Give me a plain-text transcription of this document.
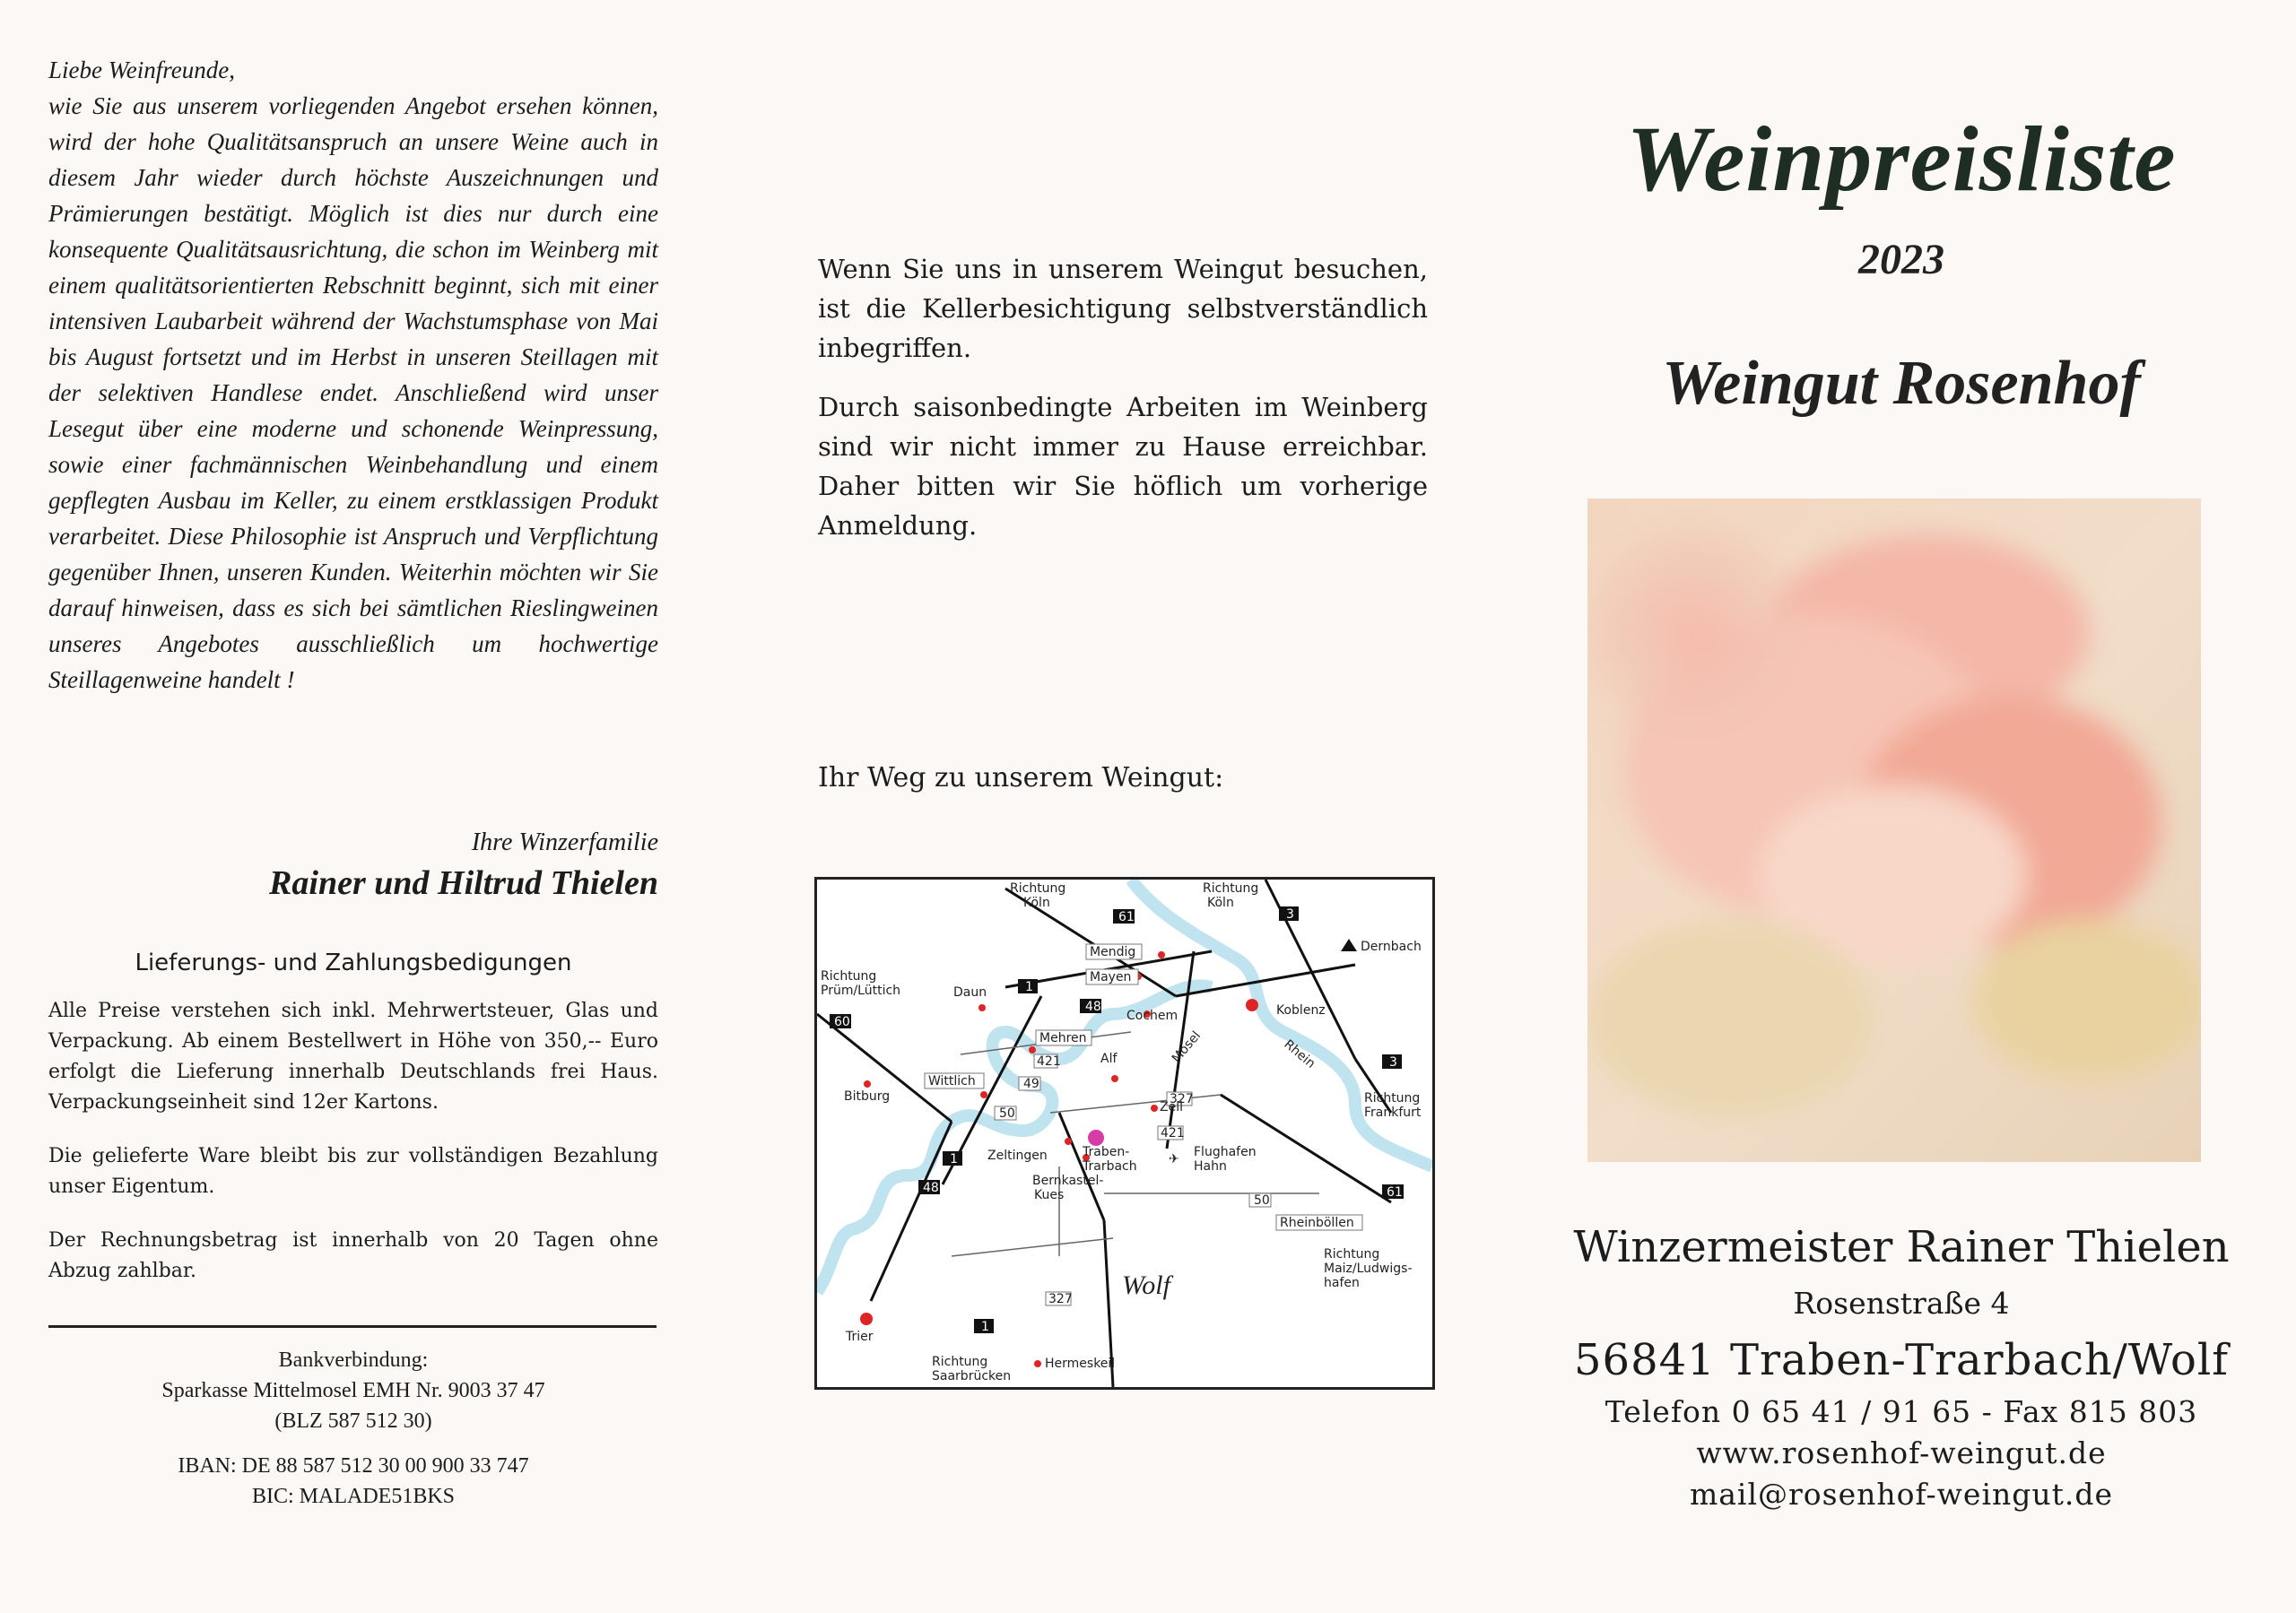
Liebe Weinfreunde,
wie Sie aus unserem vorliegenden Angebot ersehen können, wird der hohe Qualitätsanspruch an unsere Weine auch in diesem Jahr wieder durch höchste Auszeichnungen und Prämierungen bestätigt. Möglich ist dies nur durch eine konsequente Qualitätsausrichtung, die schon im Weinberg mit einem qualitätsorientierten Rebschnitt beginnt, sich mit einer intensiven Laubarbeit während der Wachstumsphase von Mai bis August fortsetzt und im Herbst in unseren Steillagen mit der selektiven Handlese endet. Anschließend wird unser Lesegut über eine moderne und schonende Weinpressung, sowie einer fachmännischen Weinbehandlung und einem gepflegten Ausbau im Keller, zu einem erstklassigen Produkt verarbeitet. Diese Philosophie ist Anspruch und Verpflichtung gegenüber Ihnen, unseren Kunden. Weiterhin möchten wir Sie darauf hinweisen, dass es sich bei sämtlichen Rieslingweinen unseres Angebotes ausschließlich um hochwertige Steillagenweine handelt !
Ihre Winzerfamilie
Rainer und Hiltrud Thielen
Lieferungs- und Zahlungsbedigungen

Alle Preise verstehen sich inkl. Mehrwertsteuer, Glas und Verpackung. Ab einem Bestellwert in Höhe von 350,-- Euro erfolgt die Lieferung innerhalb Deutschlands frei Haus. Verpackungseinheit sind 12er Kartons.

Die gelieferte Ware bleibt bis zur vollständigen Bezahlung unser Eigentum.

Der Rechnungsbetrag ist innerhalb von 20 Tagen ohne Abzug zahlbar.

Bankverbindung:
Sparkasse Mittelmosel EMH Nr. 9003 37 47
(BLZ 587 512 30)
IBAN: DE 88 587 512 30 00 900 33 747
BIC: MALADE51BKS

Wenn Sie uns in unserem Weingut besuchen, ist die Kellerbesichtigung selbstverständlich inbegriffen.

Durch saisonbedingte Arbeiten im Weinberg sind wir nicht immer zu Hause erreichbar. Daher bitten wir Sie höflich um vorherige Anmeldung.

Ihr Weg zu unserem Weingut:
61	3
3
48
1
60
1
48
1
61
421
49
50
327
421
50
327
Richtung
Köln
Richtung
Köln
Richtung
Prüm/Lüttich
Richtung
Frankfurt
Richtung
Maiz/Ludwigs-
hafen
Richtung
Saarbrücken
Dernbach
Koblenz
Rhein
Mosel
Mendig
Mayen
Cochem
Daun
Mehren
Alf
Bitburg
Wittlich
Zell
Zeltingen	Traben-
Trarbach
Bernkastel-
Kues
Flughafen
Hahn
✈
Rheinböllen
Trier
Hermeskeil
Wolf
Weinpreisliste
2023
Weingut Rosenhof
Winzermeister Rainer Thielen
Rosenstraße 4
56841 Traben-Trarbach/Wolf
Telefon 0 65 41 / 91 65 - Fax 815 803
www.rosenhof-weingut.de
mail@rosenhof-weingut.de
